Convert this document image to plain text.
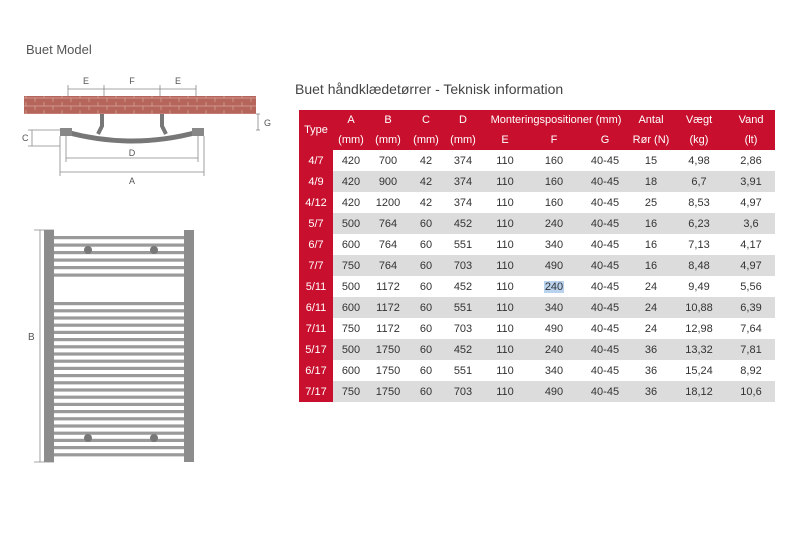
Buet Model
Buet håndklædetørrer - Teknisk information
E	F	E
G
C
D
A
B
Type	A	B	C	D	Monteringspositioner (mm)			Antal	Vægt	Vand
	(mm)	(mm)	(mm)	(mm)	E	F	G	Rør (N)	(kg)	(lt)
4/7	420	700	42	374	110	160	40-45	15	4,98	2,86
4/9	420	900	42	374	110	160	40-45	18	6,7	3,91
4/12	420	1200	42	374	110	160	40-45	25	8,53	4,97
5/7	500	764	60	452	110	240	40-45	16	6,23	3,6
6/7	600	764	60	551	110	340	40-45	16	7,13	4,17
7/7	750	764	60	703	110	490	40-45	16	8,48	4,97
5/11	500	1172	60	452	110	240	40-45	24	9,49	5,56
6/11	600	1172	60	551	110	340	40-45	24	10,88	6,39
7/11	750	1172	60	703	110	490	40-45	24	12,98	7,64
5/17	500	1750	60	452	110	240	40-45	36	13,32	7,81
6/17	600	1750	60	551	110	340	40-45	36	15,24	8,92
7/17	750	1750	60	703	110	490	40-45	36	18,12	10,6
